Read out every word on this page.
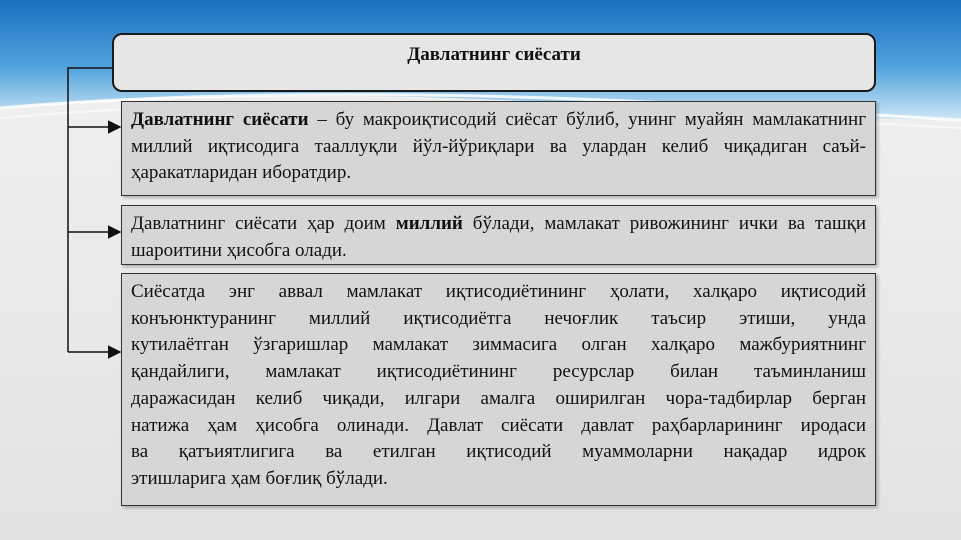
Давлатнинг сиёсати
Давлатнинг сиёсати – бу макроиқтисодий сиёсат бўлиб, унинг муайян мамлакатнинг миллий иқтисодига тааллуқли йўл-йўриқлари ва улардан келиб чиқадиган саъй-ҳаракатларидан иборатдир.
Давлатнинг сиёсати ҳар доим миллий бўлади, мамлакат ривожининг ички ва ташқи шароитини ҳисобга олади.
Сиёсатда энг аввал мамлакат иқтисодиётининг ҳолати, халқаро иқтисодий
конъюнктуранинг миллий иқтисодиётга нечоғлик таъсир этиши, унда
кутилаётган ўзгаришлар мамлакат зиммасига олган халқаро мажбуриятнинг
қандайлиги, мамлакат иқтисодиётининг ресурслар билан таъминланиш
даражасидан келиб чиқади, илгари амалга оширилган чора-тадбирлар берган
натижа ҳам ҳисобга олинади. Давлат сиёсати давлат раҳбарларининг иродаси
ва қатъиятлигига ва етилган иқтисодий муаммоларни нақадар идрок
этишларига ҳам боғлиқ бўлади.
